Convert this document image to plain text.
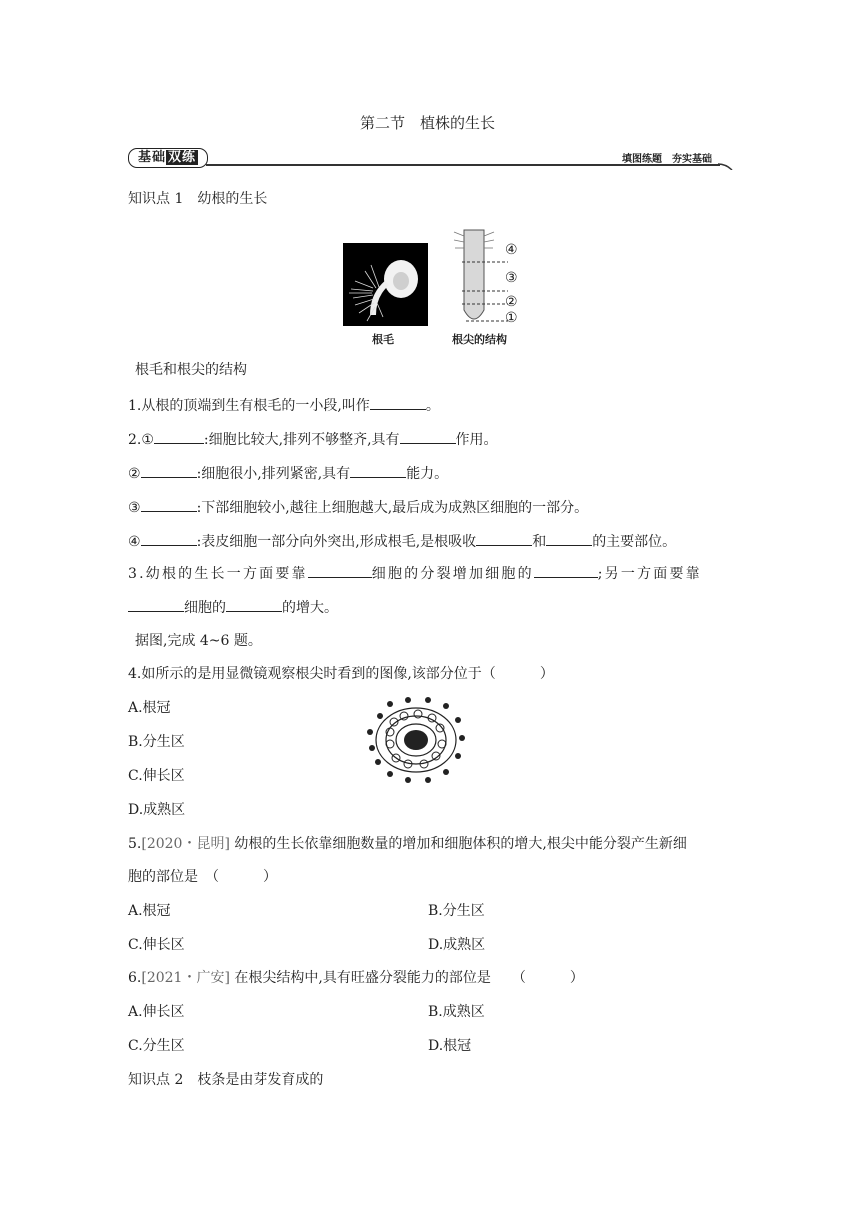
第二节　植株的生长
基础 双练	填图练题　夯实基础
知识点 1　幼根的生长
④
③
②
①
根毛	根尖的结构
根毛和根尖的结构
1.从根的顶端到生有根毛的一小段,叫作	。
2.①	:细胞比较大,排列不够整齐,具有	作用。
②	:细胞很小,排列紧密,具有	能力。
③	:下部细胞较小,越往上细胞越大,最后成为成熟区细胞的一部分。
④	:表皮细胞一部分向外突出,形成根毛,是根吸收	和	的主要部位。
3.幼根的生长一方面要靠	细胞的分裂增加细胞的	;另一方面要靠
细胞的	的增大。
据图,完成 4~6 题。
4.如所示的是用显微镜观察根尖时看到的图像,该部分位于（	）
A.根冠
B.分生区
C.伸长区
D.成熟区
5.[2020・昆明] 幼根的生长依靠细胞数量的增加和细胞体积的增大,根尖中能分裂产生新细
胞的部位是　（	）
A.根冠	B.分生区
C.伸长区	D.成熟区
6.[2021・广安] 在根尖结构中,具有旺盛分裂能力的部位是　　（	）
A.伸长区	B.成熟区
C.分生区	D.根冠
知识点 2　枝条是由芽发育成的
